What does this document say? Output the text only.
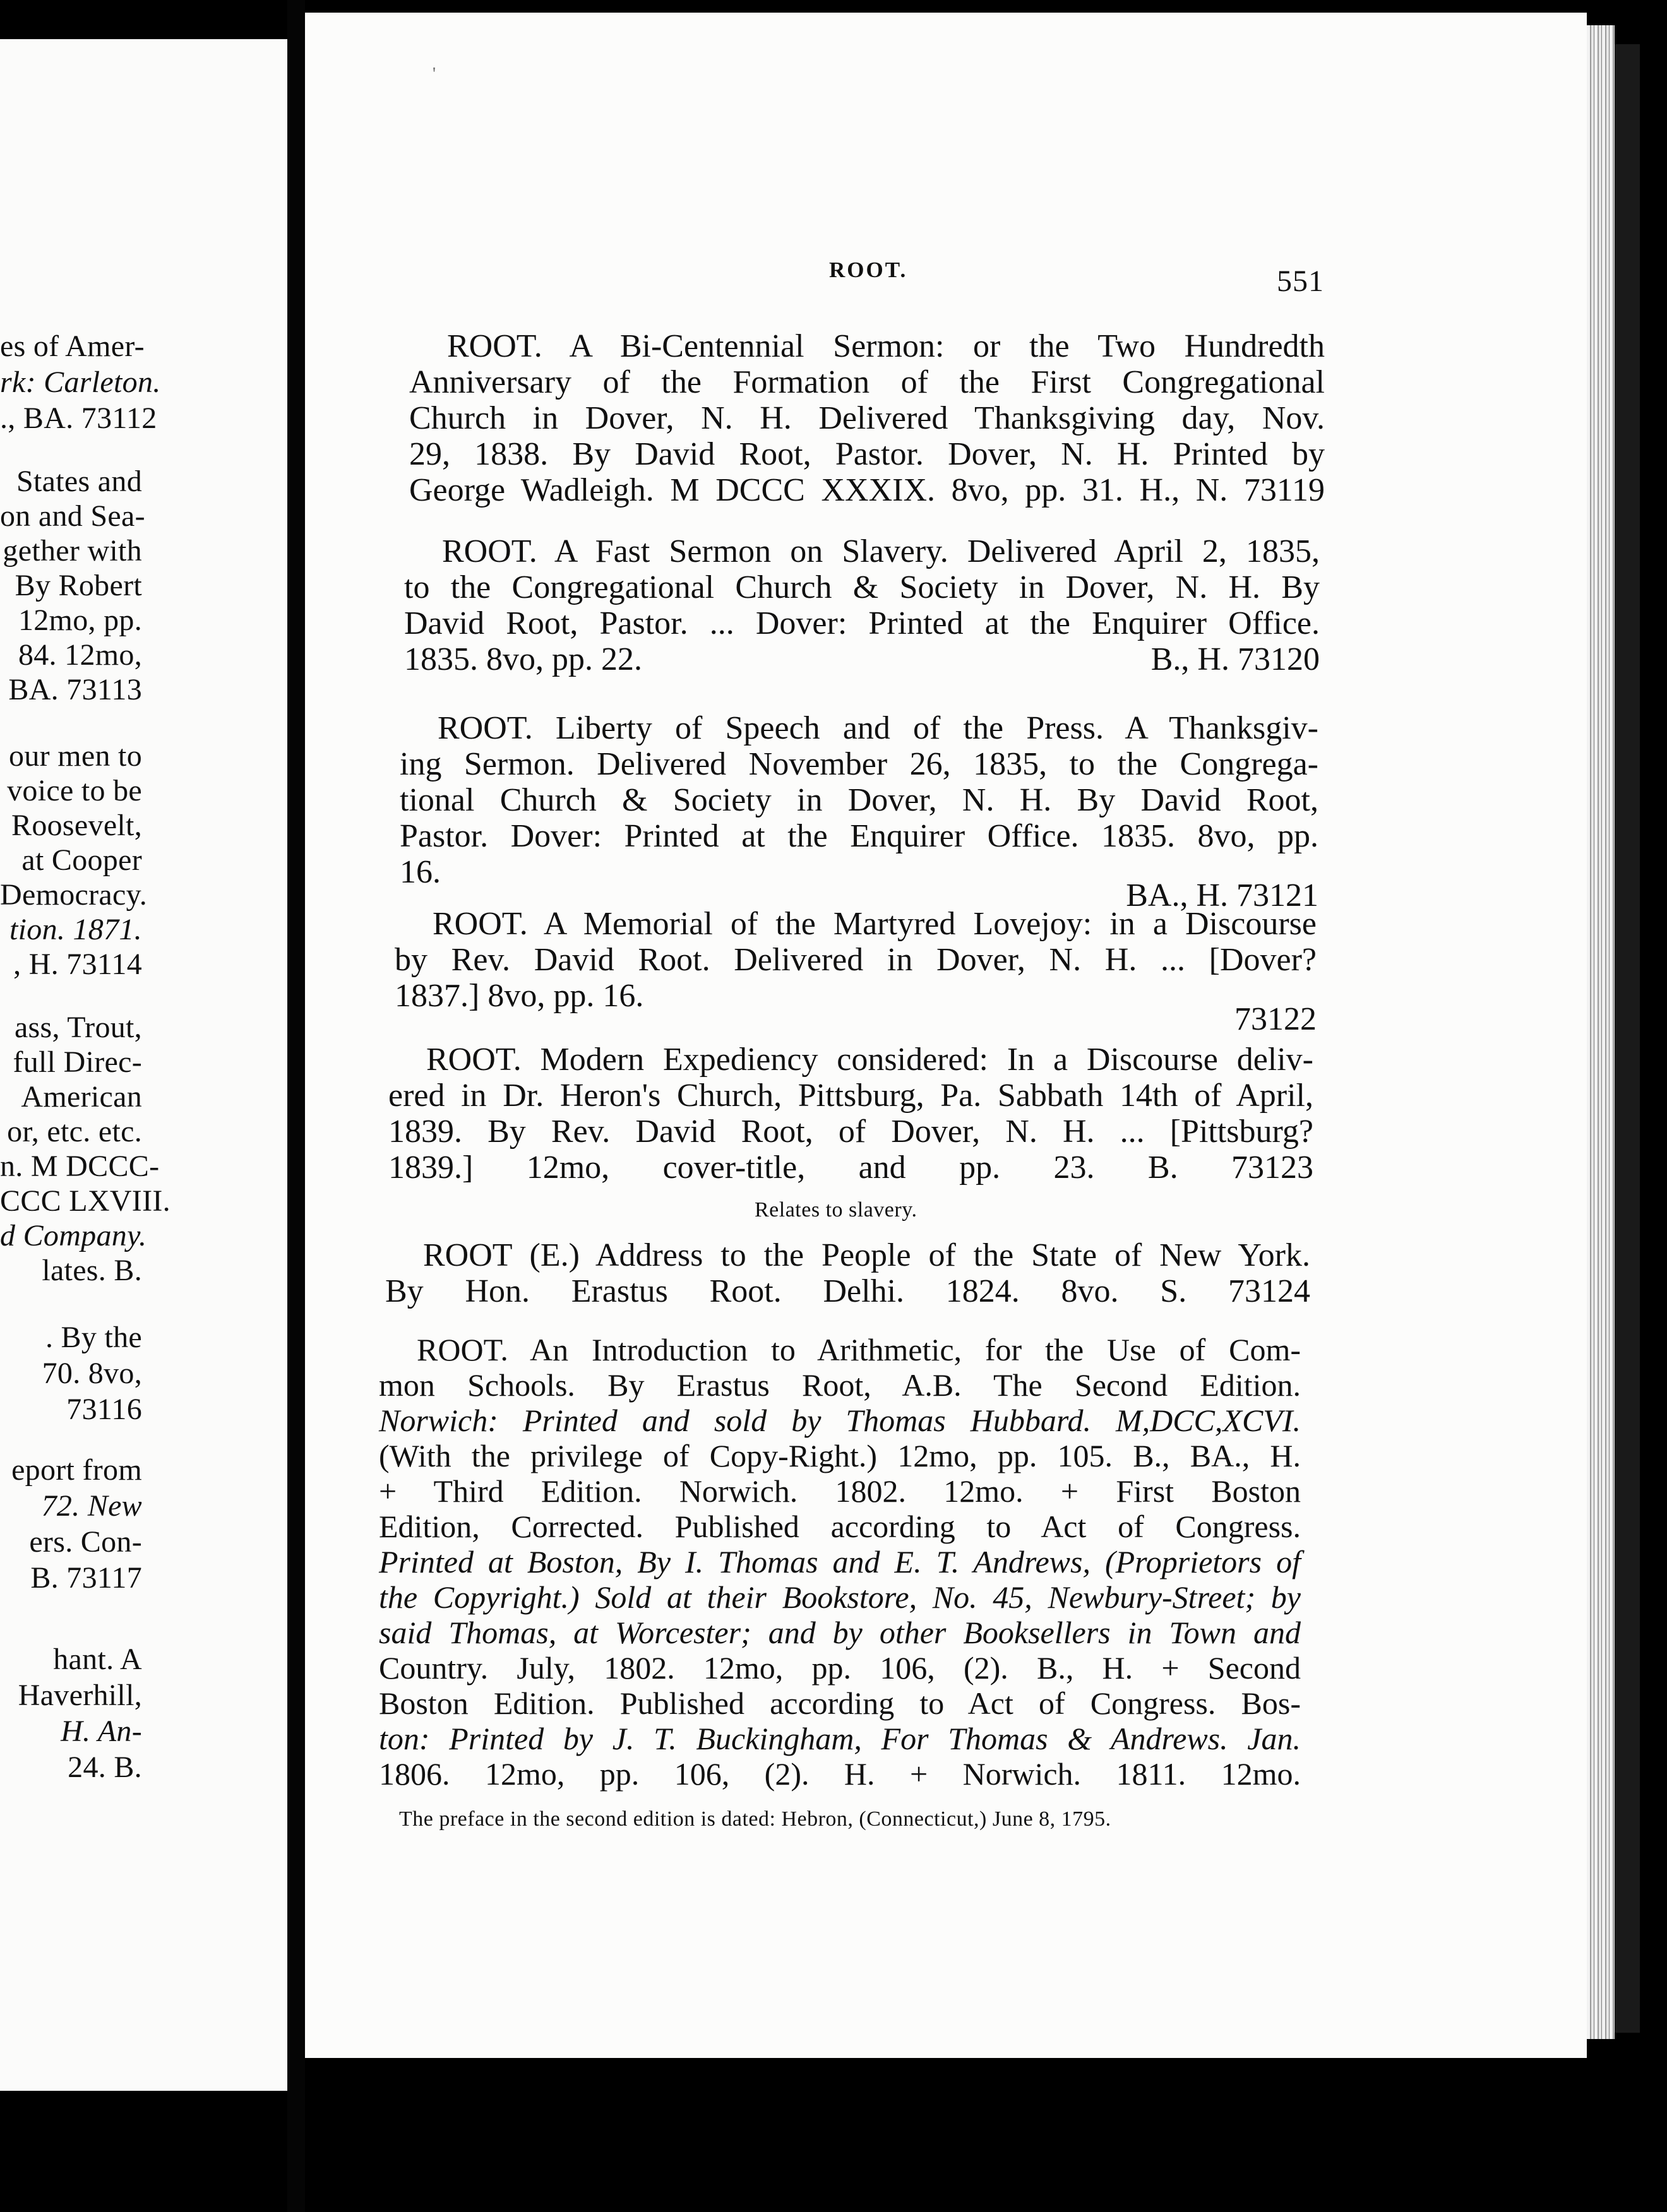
'
es of Amer-
rk: Carleton.
., BA. 73112
States and
on and Sea-
gether with
By Robert
12mo, pp.
84. 12mo,
BA. 73113
our men to
voice to be
Roosevelt,
at Cooper
Democracy.
tion. 1871.
, H. 73114
ass, Trout,
full Direc-
American
or, etc. etc.
n. M DCCC-
CCC LXVIII.
d Company.
lates. B.
. By the
70. 8vo,
73116
eport from
72. New
ers. Con-
B. 73117
hant. A
Haverhill,
H. An-
24. B.
ROOT.	551
ROOT. A Bi-Centennial Sermon: or the Two Hundredth
Anniversary of the Formation of the First Congregational
Church in Dover, N. H. Delivered Thanksgiving day, Nov.
29, 1838. By David Root, Pastor. Dover, N. H. Printed by
George Wadleigh. M DCCC XXXIX. 8vo, pp. 31. H., N. 73119
ROOT. A Fast Sermon on Slavery. Delivered April 2, 1835,
to the Congregational Church & Society in Dover, N. H. By
David Root, Pastor. ... Dover: Printed at the Enquirer Office.
1835. 8vo, pp. 22.	B., H. 73120
ROOT. Liberty of Speech and of the Press. A Thanksgiv-
ing Sermon. Delivered November 26, 1835, to the Congrega-
tional Church & Society in Dover, N. H. By David Root,
Pastor. Dover: Printed at the Enquirer Office. 1835. 8vo, pp.
16.
BA., H. 73121
ROOT. A Memorial of the Martyred Lovejoy: in a Discourse
by Rev. David Root. Delivered in Dover, N. H. ... [Dover?
1837.] 8vo, pp. 16.
73122
ROOT. Modern Expediency considered: In a Discourse deliv-
ered in Dr. Heron's Church, Pittsburg, Pa. Sabbath 14th of April,
1839. By Rev. David Root, of Dover, N. H. ... [Pittsburg?
1839.] 12mo, cover-title, and pp. 23. B. 73123
Relates to slavery.
ROOT (E.) Address to the People of the State of New York.
By Hon. Erastus Root. Delhi. 1824. 8vo. S. 73124
ROOT. An Introduction to Arithmetic, for the Use of Com-
mon Schools. By Erastus Root, A.B. The Second Edition.
Norwich: Printed and sold by Thomas Hubbard. M,DCC,XCVI.
(With the privilege of Copy-Right.) 12mo, pp. 105. B., BA., H.
+ Third Edition. Norwich. 1802. 12mo. + First Boston
Edition, Corrected. Published according to Act of Congress.
Printed at Boston, By I. Thomas and E. T. Andrews, (Proprietors of
the Copyright.) Sold at their Bookstore, No. 45, Newbury-Street; by
said Thomas, at Worcester; and by other Booksellers in Town and
Country. July, 1802. 12mo, pp. 106, (2). B., H. + Second
Boston Edition. Published according to Act of Congress. Bos-
ton: Printed by J. T. Buckingham, For Thomas & Andrews. Jan.
1806. 12mo, pp. 106, (2). H. + Norwich. 1811. 12mo.
The preface in the second edition is dated: Hebron, (Connecticut,) June 8, 1795.
